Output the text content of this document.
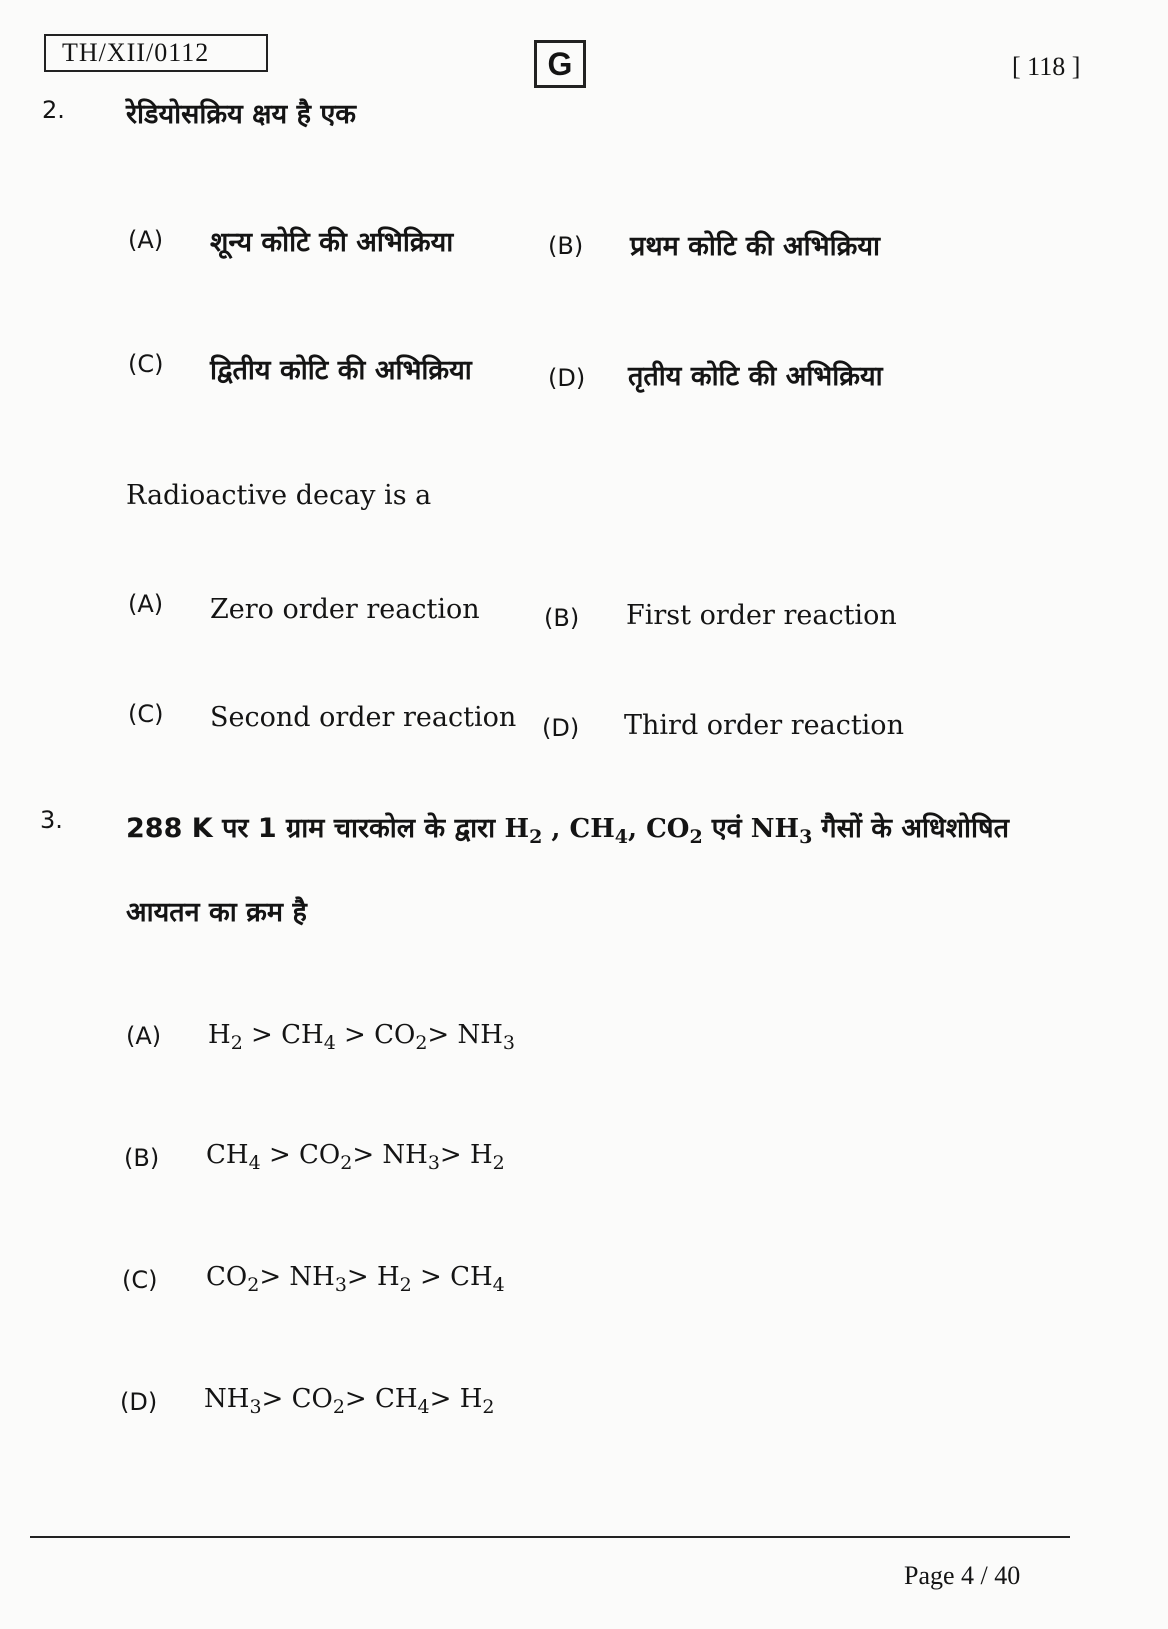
TH/XII/0112	G	[ 118 ]
2. रेडियोसक्रिय क्षय है एक
(A) शून्य कोटि की अभिक्रिया	(B) प्रथम कोटि की अभिक्रिया
(C) द्वितीय कोटि की अभिक्रिया	(D) तृतीय कोटि की अभिक्रिया
Radioactive decay is a
(A) Zero order reaction	(B) First order reaction
(C) Second order reaction (D) Third order reaction
3. 288 K पर 1 ग्राम चारकोल के द्वारा $H_2$ , $CH_4$, $CO_2$ एवं $NH_3$ गैसों के अधिशोषित
आयतन का क्रम है
(A) $H_2 > CH_4 > CO_2> NH_3$
(B) $CH_4 > CO_2> NH_3> H_2$
(C) $CO_2> NH_3> H_2 > CH_4$
(D) $NH_3> CO_2> CH_4> H_2$
Page 4 / 40
